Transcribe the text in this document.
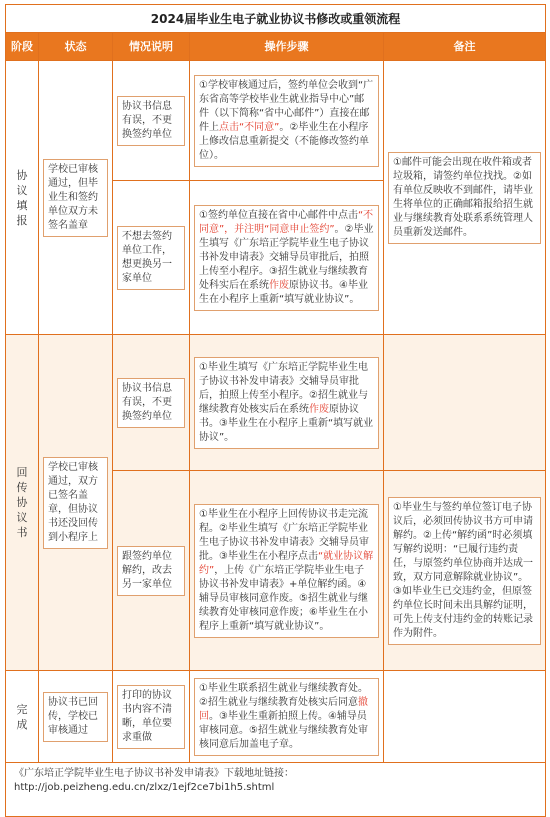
2024届毕业生电子就业协议书修改或重领流程				
阶段	状态	情况说明	操作步骤	备注
协议填报	学校已审核通过，但毕业生和签约单位双方未签名盖章	协议书信息有误，不更换签约单位	①学校审核通过后，签约单位会收到“广东省高等学校毕业生就业指导中心”邮件（以下简称“省中心邮件”）直接在邮件上点击“不同意”。②毕业生在小程序上修改信息重新提交（不能修改签约单位）。	①邮件可能会出现在收件箱或者垃圾箱，请签约单位找找。②如有单位反映收不到邮件，请毕业生将单位的正确邮箱报给招生就业与继续教育处联系系统管理人员重新发送邮件。

		不想去签约单位工作，想更换另一家单位	①签约单位直接在省中心邮件中点击“不同意”，并注明“同意申止签约”。②毕业生填写《广东培正学院毕业生电子协议书补发申请表》交辅导员审批后，拍照上传至小程序。③招生就业与继续教育处科实后在系统作废原协议书。④毕业生在小程序上重新“填写就业协议”。	

回传协议书	学校已审核通过，双方已签名盖章，但协议书还没回传到小程序上	协议书信息有误，不更换签约单位	①毕业生填写《广东培正学院毕业生电子协议书补发申请表》交辅导员审批后，拍照上传至小程序。②招生就业与继续教育处核实后在系统作废原协议书。③毕业生在小程序上重新“填写就业协议”。	

		跟签约单位解约，改去另一家单位	①毕业生在小程序上回传协议书走完流程。②毕业生填写《广东培正学院毕业生电子协议书补发申请表》交辅导员审批。③毕业生在小程序点击“就业协议解约”，上传《广东培正学院毕业生电子协议书补发申请表》+单位解约函。④辅导员审核同意作废。⑤招生就业与继续教育处审核同意作废；⑥毕业生在小程序上重新“填写就业协议”。	①毕业生与签约单位签订电子协议后，必须回传协议书方可申请解约。②上传“解约函”时必须填写解约说明：“已履行违约责任，与原签约单位协商并达成一致，双方同意解除就业协议”。③如毕业生已交违约金，但原签约单位长时间未出具解约证明，可先上传支付违约金的转账记录作为附件。

完成	协议书已回传，学校已审核通过	打印的协议书内容不清晰，单位要求重做	①毕业生联系招生就业与继续教育处。②招生就业与继续教育处核实后同意撤回。③毕业生重新拍照上传。④辅导员审核同意。⑤招生就业与继续教育处审核同意后加盖电子章。	

《广东培正学院毕业生电子协议书补发申请表》下载地址链接：
http://job.peizheng.edu.cn/zlxz/1ejf2ce7bi1h5.shtml				
